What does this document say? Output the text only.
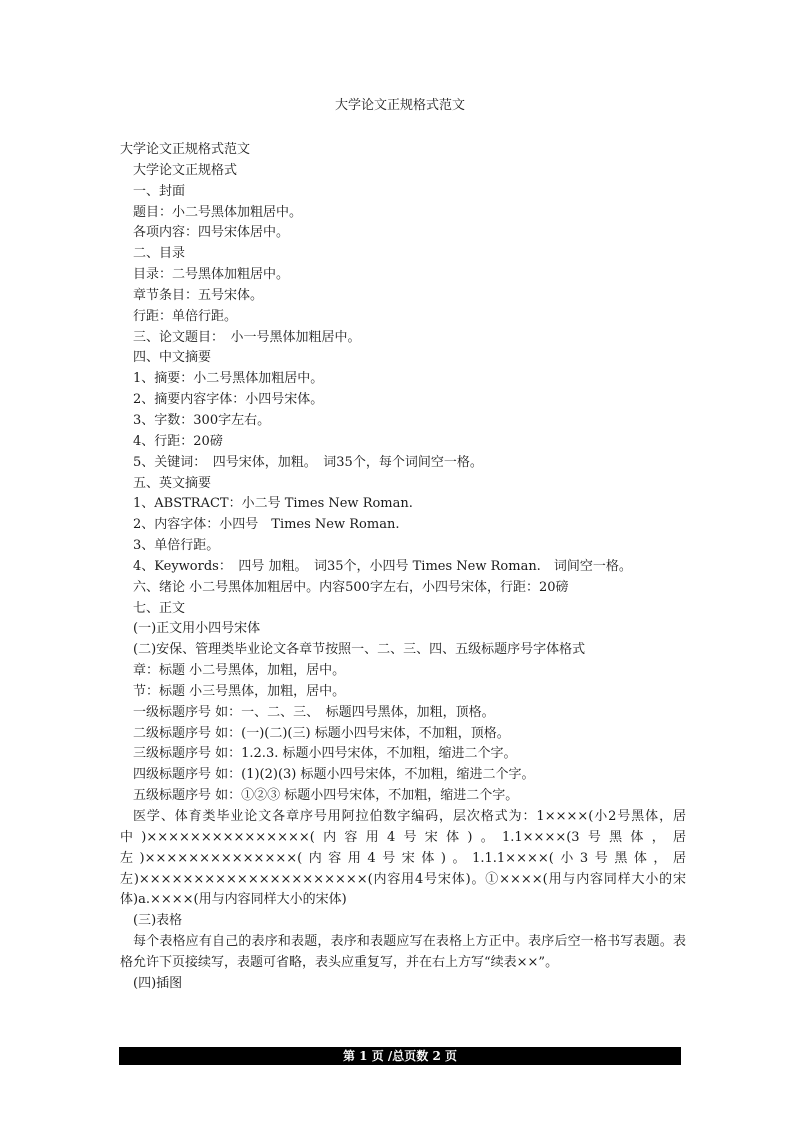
大学论文正规格式范文

大学论文正规格式范文

大学论文正规格式

一、封面

题目：小二号黑体加粗居中。

各项内容：四号宋体居中。

二、目录

目录：二号黑体加粗居中。

章节条目：五号宋体。

行距：单倍行距。

三、论文题目：　小一号黑体加粗居中。

四、中文摘要

1、摘要：小二号黑体加粗居中。

2、摘要内容字体：小四号宋体。

3、字数：300字左右。

4、行距：20磅

5、关键词：　四号宋体，加粗。　词35个，每个词间空一格。

五、英文摘要

1、ABSTRACT：小二号 Times New Roman.

2、内容字体：小四号　Times New Roman.

3、单倍行距。

4、Keywords：　四号 加粗。　词35个，小四号 Times New Roman.　词间空一格。

六、绪论 小二号黑体加粗居中。内容500字左右，小四号宋体，行距：20磅

七、正文

(一)正文用小四号宋体

(二)安保、管理类毕业论文各章节按照一、二、三、四、五级标题序号字体格式

章：标题 小二号黑体，加粗，居中。

节：标题 小三号黑体，加粗，居中。

一级标题序号 如：一、二、三、　标题四号黑体，加粗，顶格。

二级标题序号 如：(一)(二)(三) 标题小四号宋体，不加粗，顶格。

三级标题序号 如：1.2.3. 标题小四号宋体，不加粗，缩进二个字。

四级标题序号 如：(1)(2)(3) 标题小四号宋体，不加粗，缩进二个字。

五级标题序号 如：①②③ 标题小四号宋体，不加粗，缩进二个字。

医学、体育类毕业论文各章序号用阿拉伯数字编码，层次格式为：1××××(小2号黑体，居中)×××××××××××××××(内容用4号宋体)。1.1××××(3号黑体，居左)××××××××××××××(内容用4号宋体)。1.1.1××××(小3号黑体，居左)×××××××××××××××××××××(内容用4号宋体)。①××××(用与内容同样大小的宋体)a.××××(用与内容同样大小的宋体)

(三)表格

每个表格应有自己的表序和表题，表序和表题应写在表格上方正中。表序后空一格书写表题。表格允许下页接续写，表题可省略，表头应重复写，并在右上方写“续表××”。

(四)插图

第 1 页 /总页数 2 页
